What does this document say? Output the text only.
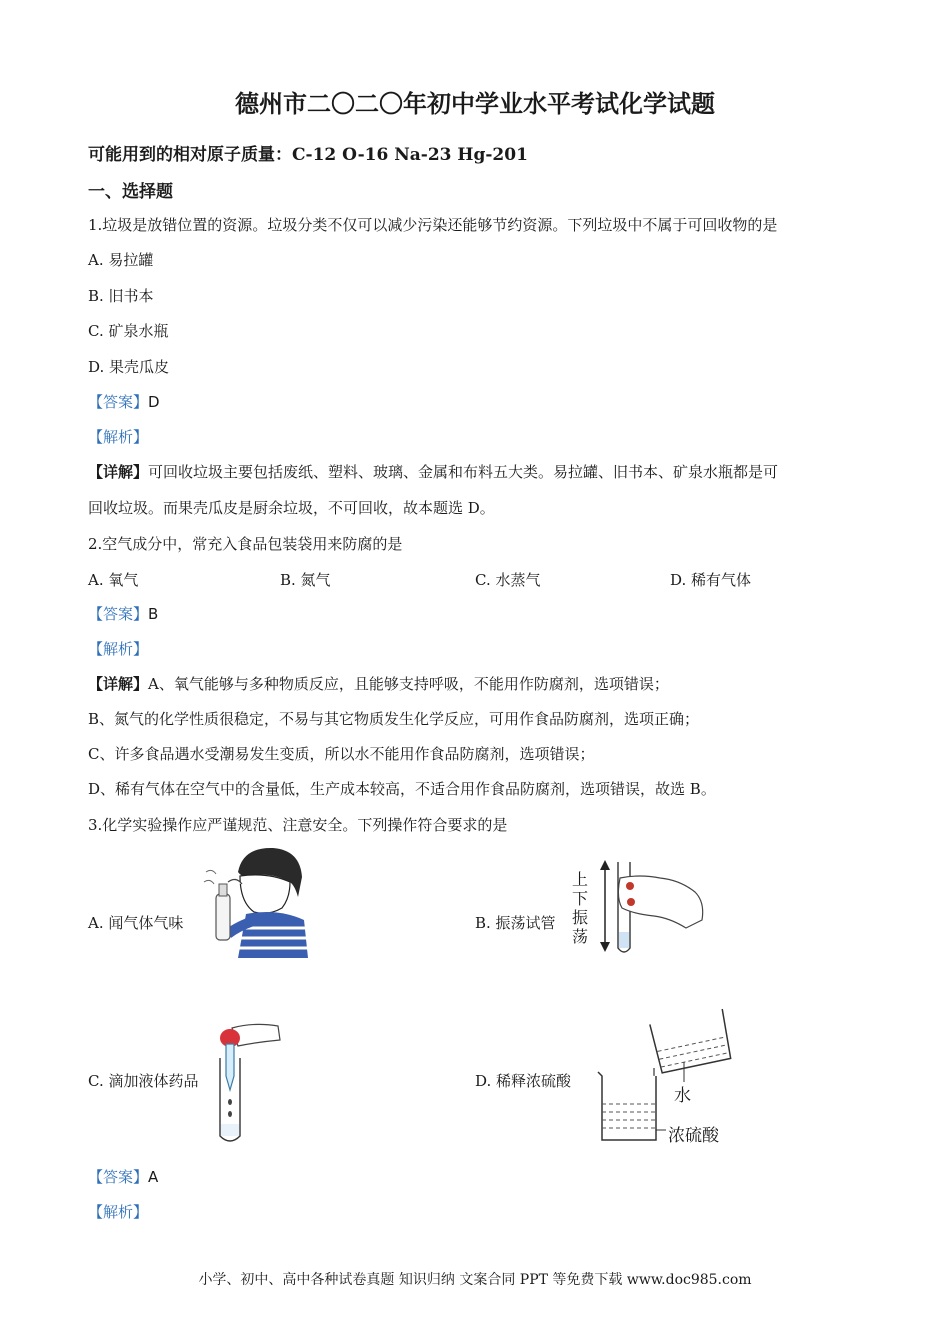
德州市二〇二〇年初中学业水平考试化学试题
可能用到的相对原子质量：C-12 O-16 Na-23 Hg-201
一、选择题
1.垃圾是放错位置的资源。垃圾分类不仅可以减少污染还能够节约资源。下列垃圾中不属于可回收物的是
A. 易拉罐
B. 旧书本
C. 矿泉水瓶
D. 果壳瓜皮
【答案】D
【解析】
【详解】可回收垃圾主要包括废纸、塑料、玻璃、金属和布料五大类。易拉罐、旧书本、矿泉水瓶都是可
回收垃圾。而果壳瓜皮是厨余垃圾，不可回收，故本题选 D。
2.空气成分中，常充入食品包装袋用来防腐的是
A. 氧气	B. 氮气	C. 水蒸气	D. 稀有气体
【答案】B
【解析】
【详解】A、氧气能够与多种物质反应，且能够支持呼吸，不能用作防腐剂，选项错误；
B、氮气的化学性质很稳定，不易与其它物质发生化学反应，可用作食品防腐剂，选项正确；
C、许多食品遇水受潮易发生变质，所以水不能用作食品防腐剂，选项错误；
D、稀有气体在空气中的含量低，生产成本较高，不适合用作食品防腐剂，选项错误，故选 B。
3.化学实验操作应严谨规范、注意安全。下列操作符合要求的是
A. 闻气体气味	B. 振荡试管
上下振荡
C. 滴加液体药品	D. 稀释浓硫酸
水
浓硫酸
【答案】A
【解析】
小学、初中、高中各种试卷真题 知识归纳 文案合同 PPT 等免费下载 www.doc985.com
